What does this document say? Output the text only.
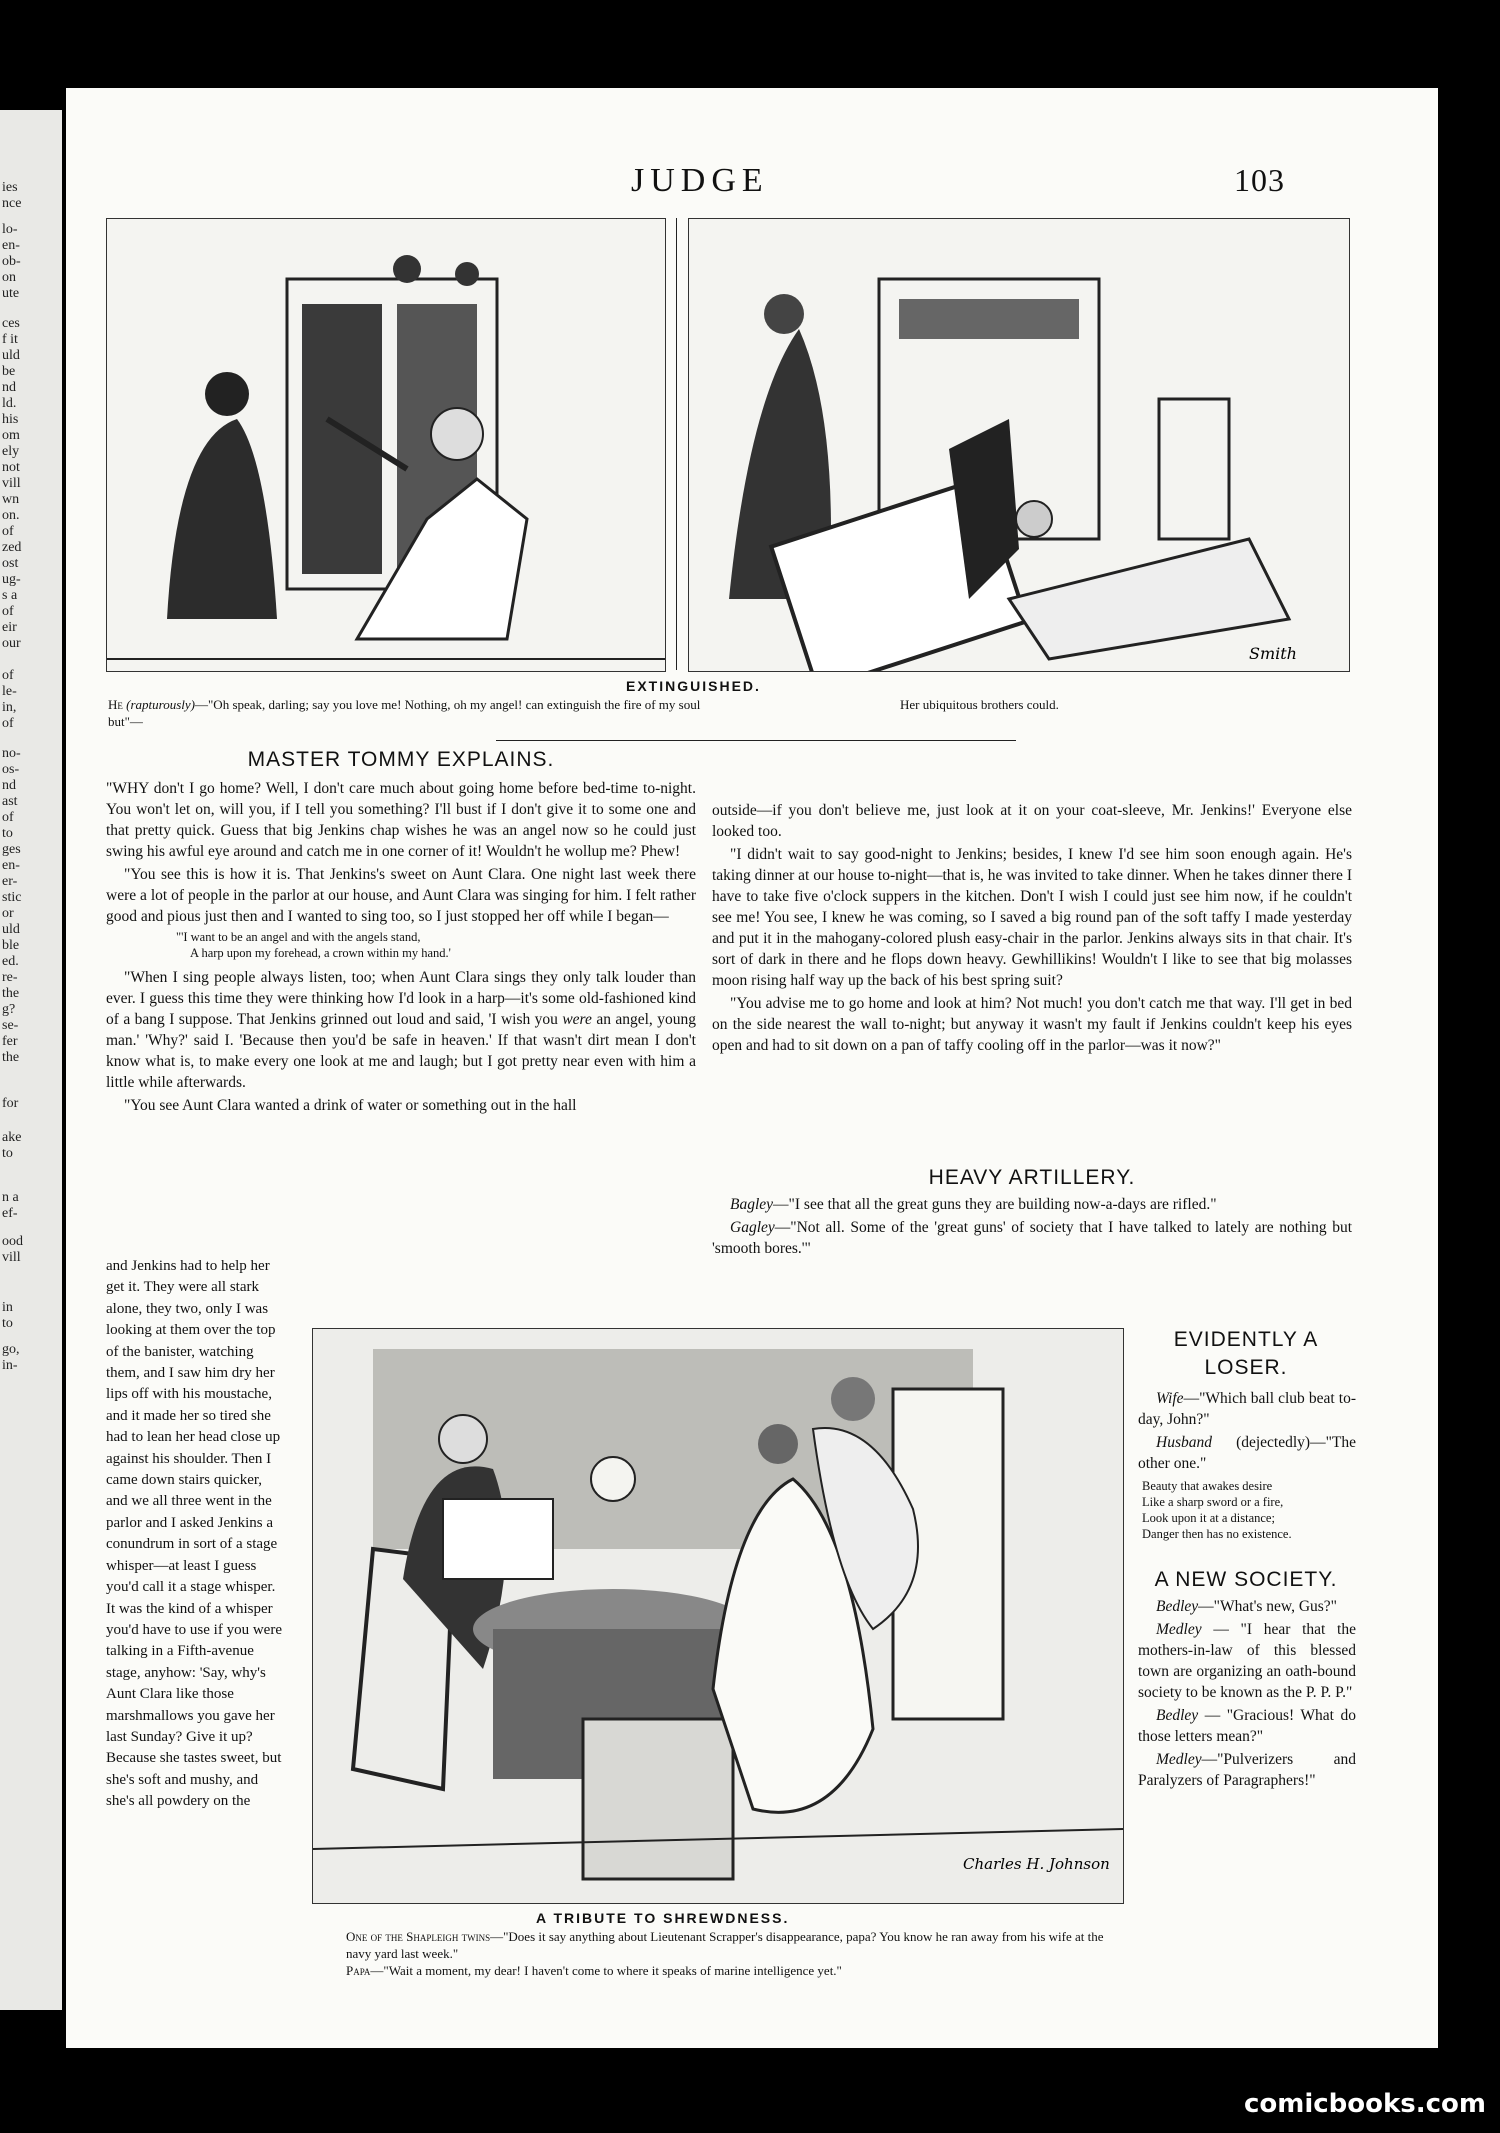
ies
nce
lo-
en-
ob-
on
ute
ces
f it
uld
be
nd
ld.
his
om
ely
not
vill
wn
on.
of
zed
ost
ug-
s a
of
eir
our
of
le-
in,
of
no-
os-
nd
ast
of
to
ges
en-
er-
stic
or
uld
ble
ed.
re-
the
g?
se-
fer
the
for
ake
to
n a
ef-
ood
vill
in
to
go,
in-
JUDGE	103
Smith
EXTINGUISHED.
He (rapturously)—"Oh speak, darling; say you love me! Nothing, oh my angel! can extinguish the fire of my soul but"—
Her ubiquitous brothers could.
MASTER TOMMY EXPLAINS.

"WHY don't I go home? Well, I don't care much about going home before bed-time to-night. You won't let on, will you, if I tell you something? I'll bust if I don't give it to some one and that pretty quick. Guess that big Jenkins chap wishes he was an angel now so he could just swing his awful eye around and catch me in one corner of it! Wouldn't he wollup me? Phew!

"You see this is how it is. That Jenkins's sweet on Aunt Clara. One night last week there were a lot of people in the parlor at our house, and Aunt Clara was singing for him. I felt rather good and pious just then and I wanted to sing too, so I just stopped her off while I began—

"'I want to be an angel and with the angels stand,

A harp upon my forehead, a crown within my hand.'

"When I sing people always listen, too; when Aunt Clara sings they only talk louder than ever. I guess this time they were thinking how I'd look in a harp—it's some old-fashioned kind of a bang I suppose. That Jenkins grinned out loud and said, 'I wish you were an angel, young man.' 'Why?' said I. 'Because then you'd be safe in heaven.' If that wasn't dirt mean I don't know what is, to make every one look at me and laugh; but I got pretty near even with him a little while afterwards.

"You see Aunt Clara wanted a drink of water or something out in the hall

and Jenkins had to help her get it. They were all stark alone, they two, only I was looking at them over the top of the banister, watching them, and I saw him dry her lips off with his moustache, and it made her so tired she had to lean her head close up against his shoulder. Then I came down stairs quicker, and we all three went in the parlor and I asked Jenkins a conundrum in sort of a stage whisper—at least I guess you'd call it a stage whisper. It was the kind of a whisper you'd have to use if you were talking in a Fifth-avenue stage, anyhow: 'Say, why's Aunt Clara like those marshmallows you gave her last Sunday? Give it up? Because she tastes sweet, but she's soft and mushy, and she's all powdery on the

outside—if you don't believe me, just look at it on your coat-sleeve, Mr. Jenkins!' Everyone else looked too.

"I didn't wait to say good-night to Jenkins; besides, I knew I'd see him soon enough again. He's taking dinner at our house to-night—that is, he was invited to take dinner. When he takes dinner there I have to take five o'clock suppers in the kitchen. Don't I wish I could just see him now, if he couldn't see me! You see, I knew he was coming, so I saved a big round pan of the soft taffy I made yesterday and put it in the mahogany-colored plush easy-chair in the parlor. Jenkins always sits in that chair. It's sort of dark in there and he flops down heavy. Gewhillikins! Wouldn't I like to see that big molasses moon rising half way up the back of his best spring suit?

"You advise me to go home and look at him? Not much! you don't catch me that way. I'll get in bed on the side nearest the wall to-night; but anyway it wasn't my fault if Jenkins couldn't keep his eyes open and had to sit down on a pan of taffy cooling off in the parlor—was it now?"

HEAVY ARTILLERY.

Bagley—"I see that all the great guns they are building now-a-days are rifled."

Gagley—"Not all. Some of the 'great guns' of society that I have talked to lately are nothing but 'smooth bores.'"

Charles H. Johnson
A TRIBUTE TO SHREWDNESS.
One of the Shapleigh twins—"Does it say anything about Lieutenant Scrapper's disappearance, papa? You know he ran away from his wife at the navy yard last week."
Papa—"Wait a moment, my dear! I haven't come to where it speaks of marine intelligence yet."
EVIDENTLY A LOSER.

Wife—"Which ball club beat to-day, John?"

Husband (dejectedly)—"The other one."

Beauty that awakes desire
Like a sharp sword or a fire,
Look upon it at a distance;
Danger then has no existence.
A NEW SOCIETY.

Bedley—"What's new, Gus?"

Medley — "I hear that the mothers-in-law of this blessed town are organizing an oath-bound society to be known as the P. P. P."

Bedley — "Gracious! What do those letters mean?"

Medley—"Pulverizers and Paralyzers of Paragraphers!"

comicbooks.com
